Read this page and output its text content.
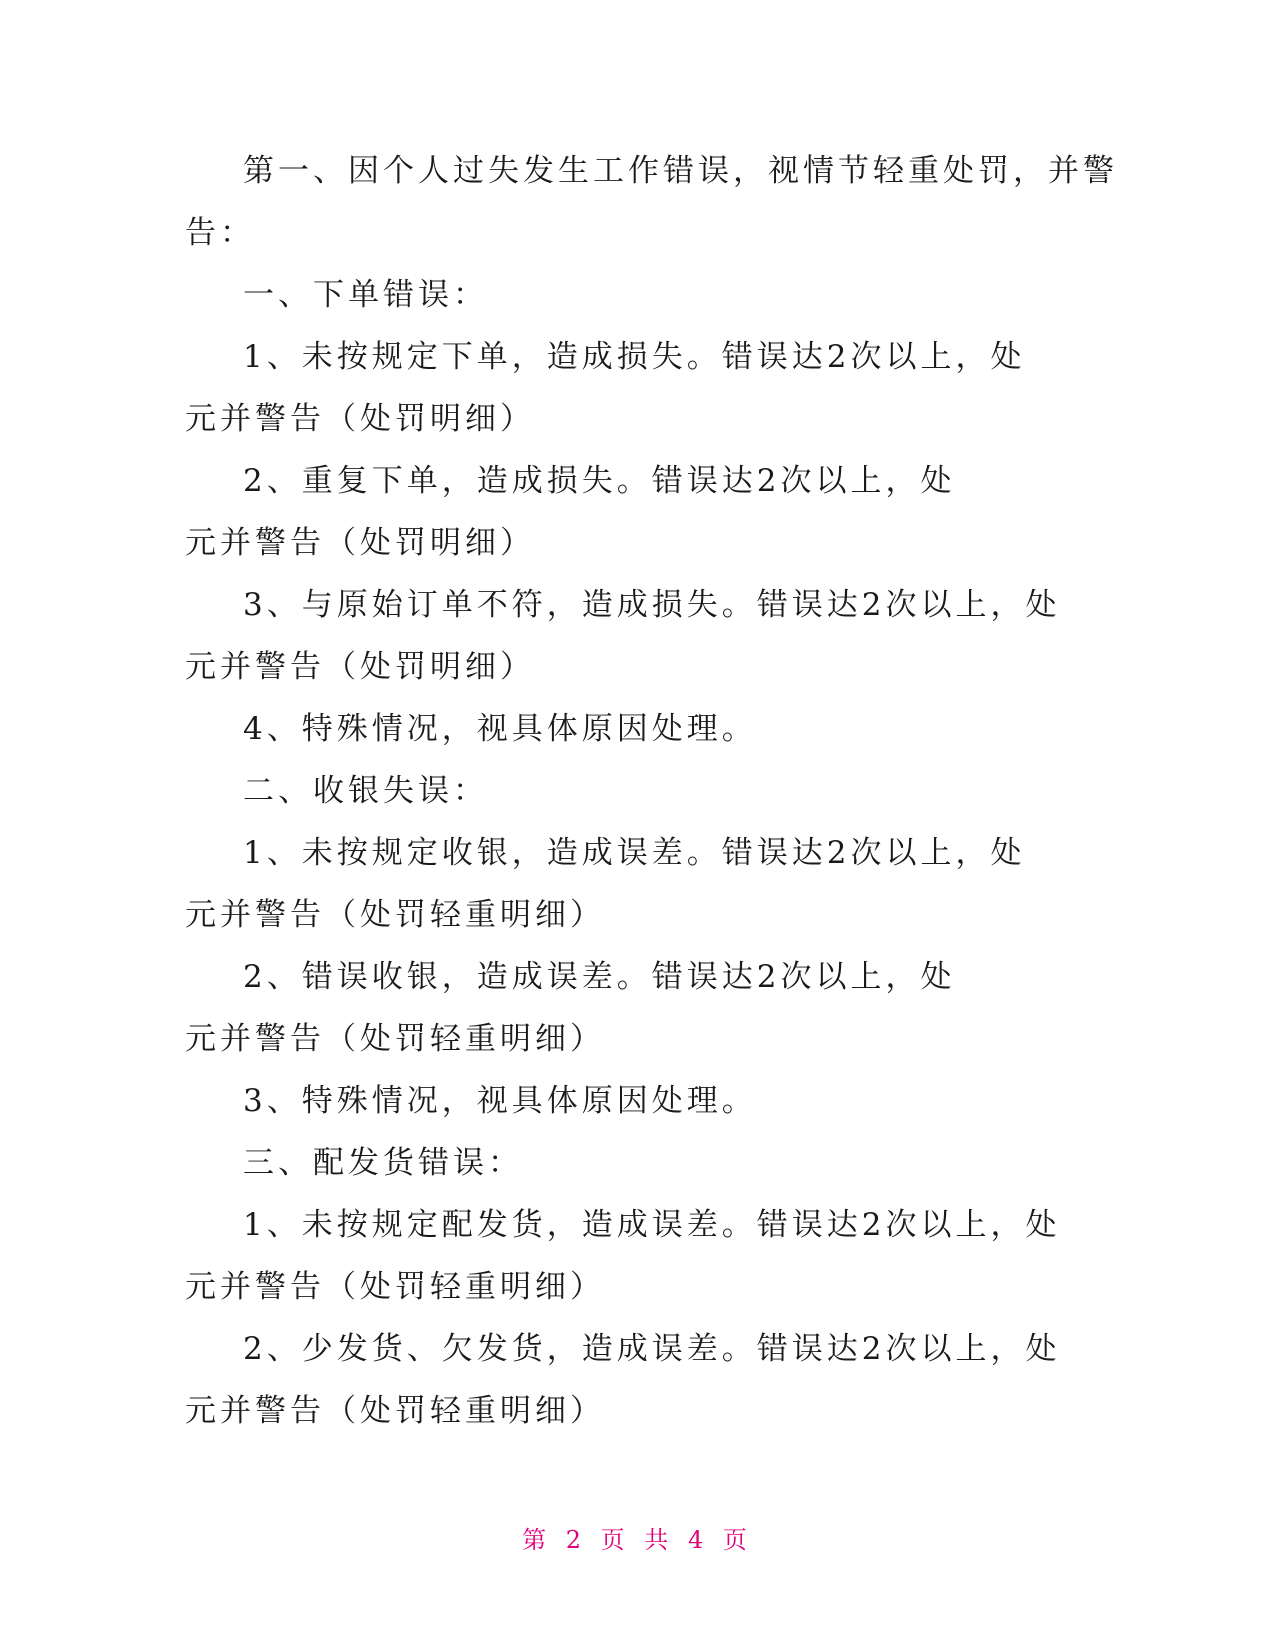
第一、因个人过失发生工作错误，视情节轻重处罚，并警
告：
一、下单错误：
1、未按规定下单，造成损失。错误达2次以上，处
元并警告（处罚明细）
2、重复下单，造成损失。错误达2次以上，处
元并警告（处罚明细）
3、与原始订单不符，造成损失。错误达2次以上，处
元并警告（处罚明细）
4、特殊情况，视具体原因处理。
二、收银失误：
1、未按规定收银，造成误差。错误达2次以上，处
元并警告（处罚轻重明细）
2、错误收银，造成误差。错误达2次以上，处
元并警告（处罚轻重明细）
3、特殊情况，视具体原因处理。
三、配发货错误：
1、未按规定配发货，造成误差。错误达2次以上，处
元并警告（处罚轻重明细）
2、少发货、欠发货，造成误差。错误达2次以上，处
元并警告（处罚轻重明细）
第 2 页 共 4 页
